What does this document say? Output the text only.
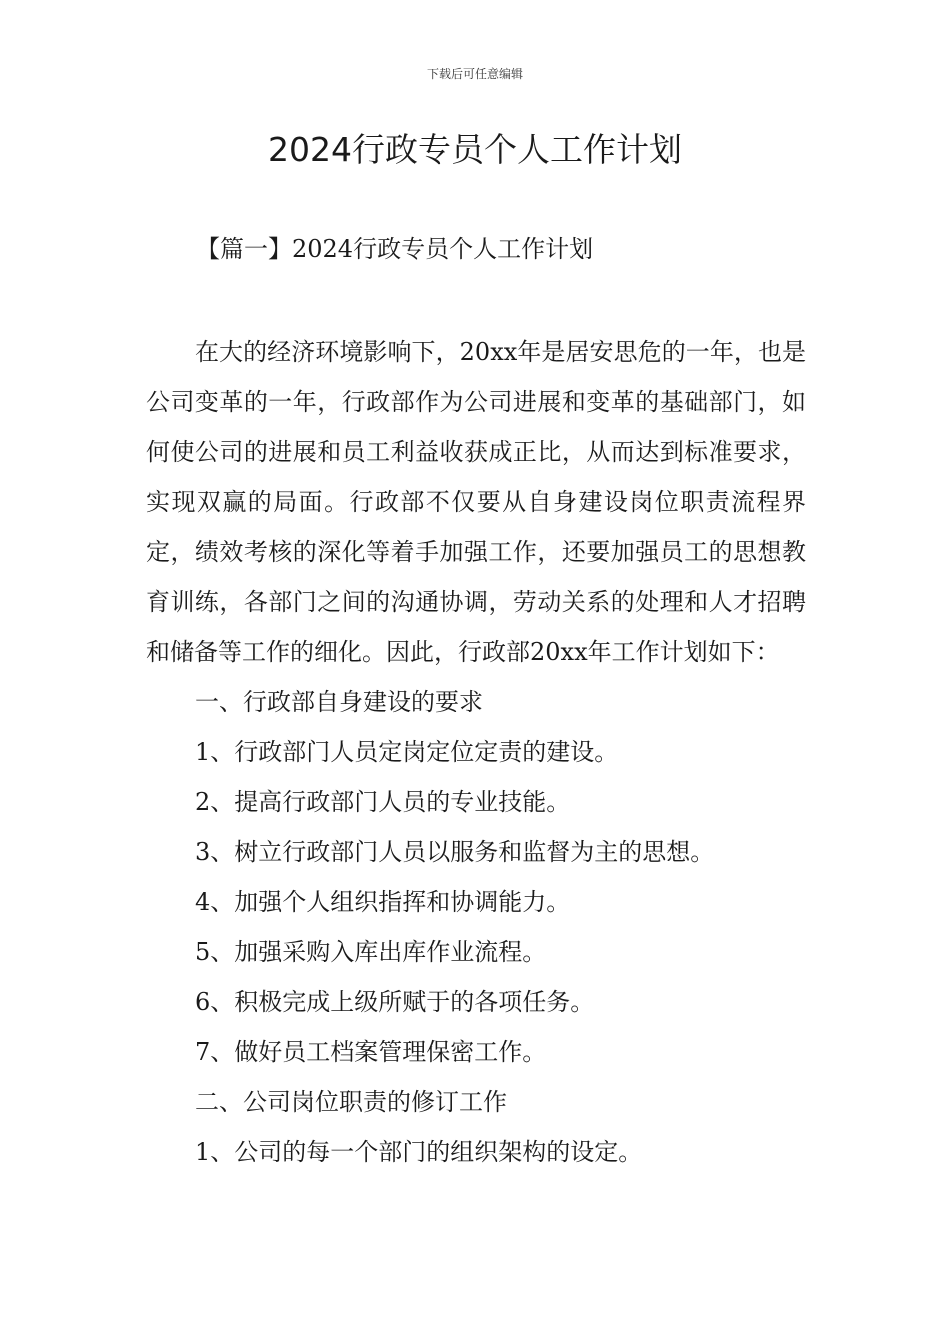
下载后可任意编辑
2024行政专员个人工作计划
【篇一】2024行政专员个人工作计划

在大的经济环境影响下，20xx年是居安思危的一年，也是公司变革的一年，行政部作为公司进展和变革的基础部门，如何使公司的进展和员工利益收获成正比，从而达到标准要求，实现双赢的局面。行政部不仅要从自身建设岗位职责流程界定，绩效考核的深化等着手加强工作，还要加强员工的思想教育训练，各部门之间的沟通协调，劳动关系的处理和人才招聘和储备等工作的细化。因此，行政部20xx年工作计划如下：

一、行政部自身建设的要求
1、行政部门人员定岗定位定责的建设。
2、提高行政部门人员的专业技能。
3、树立行政部门人员以服务和监督为主的思想。
4、加强个人组织指挥和协调能力。
5、加强采购入库出库作业流程。
6、积极完成上级所赋于的各项任务。
7、做好员工档案管理保密工作。
二、公司岗位职责的修订工作
1、公司的每一个部门的组织架构的设定。
